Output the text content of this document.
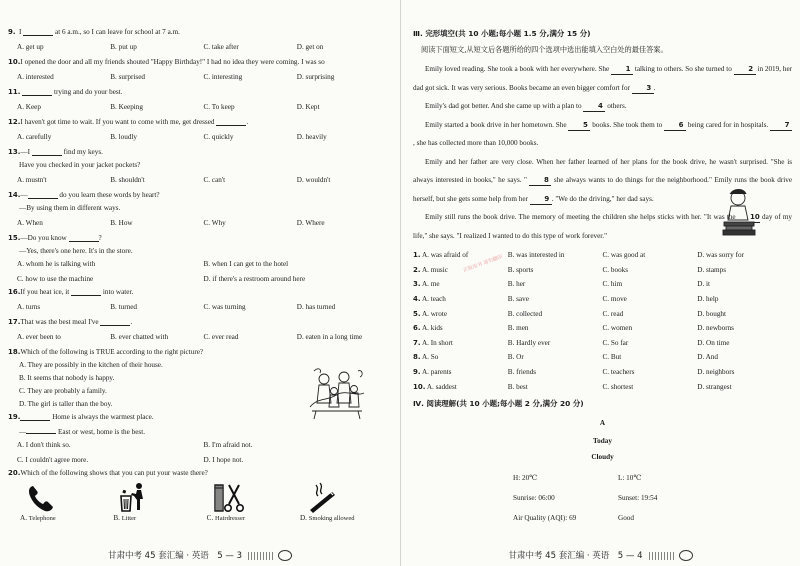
9. I

	at 6 a.m., so I can leave for school at 7 a.m.
A. get up	B. put up	C. take after	D. get on
10. I opened the door and all my friends shouted "Happy Birthday!" I had no idea they were coming. I was so
A. interested	B. surprised	C. interesting	D. surprising
11.

	trying and do your best.
A. Keep	B. Keeping	C. To keep	D. Kept
12. I haven't got time to wait. If you want to come with me, get dressed
	.
A. carefully	B. loudly	C. quickly	D. heavily
13. —I

	find my keys.
Have you checked in your jacket pockets?
A. mustn't	B. shouldn't	C. can't	D. wouldn't
14. —
	do you learn these words by heart?
—By using them in different ways.
A. When	B. How	C. Why	D. Where
15. —Do you know
	?
—Yes, there's one here. It's in the store.
A. whom he is talking with	B. when I can get to the hotel
C. how to use the machine	D. if there's a restroom around here
16. If you heat ice, it

	into water.
A. turns	B. turned	C. was turning	D. has turned
17. That was the best meal I've
	.
A. ever been to	B. ever chatted with	C. ever read	D. eaten in a long time
18. Which of the following is TRUE according to the right picture?
A. They are possibly in the kitchen of their house.
B. It seems that nobody is happy.
C. They are probably a family.
D. The girl is taller than the boy.
19.
	Home is always the warmest place.
—	East or west, home is the best.
A. I don't think so.	B. I'm afraid not.
C. I couldn't agree more.	D. I hope not.
20. Which of the following shows that you can put your waste there?
A. Telephone	B. Litter	C. Hairdresser	D. Smoking allowed
甘肃中考 45 套汇编 · 英语　5 — 3
Ⅲ. 完形填空(共 10 小题;每小题 1.5 分,满分 15 分)
阅读下面短文,从短文后各题所给的四个选项中选出能填入空白处的最佳答案。

Emily loved reading. She took a book with her everywhere. She 1 talking to others. So she turned to 2 in 2019, her dad got sick. It was very serious. Books became an even bigger comfort for 3 .

Emily's dad got better. And she came up with a plan to 4 others.

Emily started a book drive in her hometown. She 5 books. She took them to 6 being cared for in hospitals. 7, she has collected more than 10,000 books.

Emily and her father are very close. When her father learned of her plans for the book drive, he wasn't surprised. "She is always interested in books," he says. " 8 she always wants to do things for the neighborhood." Emily runs the book drive herself, but she gets some help from her 9 . "We do the driving," her dad says.

Emily still runs the book drive. The memory of meeting the children she helps sticks with her. "It was the 10 day of my life," she says. "I realized I wanted to do this type of work forever."

1. A. was afraid of	B. was interested in	C. was good at	D. was sorry for
2. A. music	B. sports	C. books	D. stamps
3. A. me	B. her	C. him	D. it
4. A. teach	B. save	C. move	D. help
5. A. wrote	B. collected	C. read	D. bought
6. A. kids	B. men	C. women	D. newborns
7. A. In short	B. Hardly ever	C. So far	D. On time
8. A. So	B. Or	C. But	D. And
9. A. parents	B. friends	C. teachers	D. neighbors
10. A. saddest	B. best	C. shortest	D. strangest
Ⅳ. 阅读理解(共 10 小题;每小题 2 分,满分 20 分)
A
Today
Cloudy
H: 20℃	L: 10℃
Sunrise: 06:00	Sunset: 19:54
Air Quality (AQI): 69	Good
甘肃中考 45 套汇编 · 英语　5 — 4
正版用书 请勿翻印
